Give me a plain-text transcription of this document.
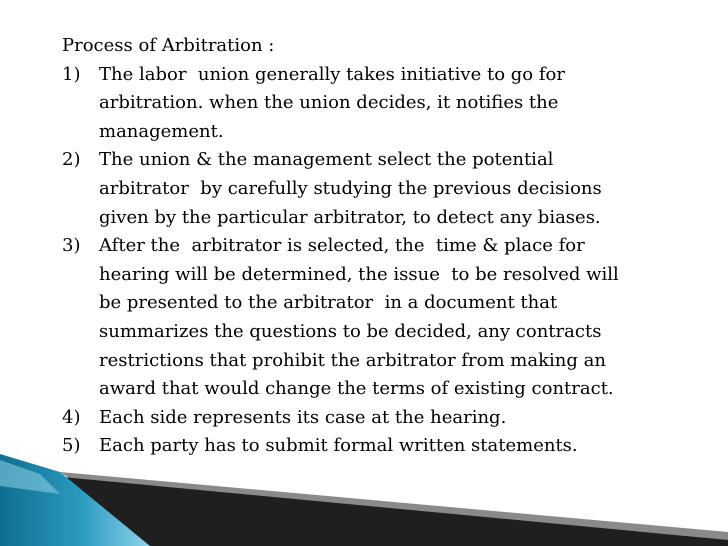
Process of Arbitration :

1) The labor  union generally takes initiative to go for
arbitration. when the union decides, it notifies the
management.
2) The union & the management select the potential
arbitrator  by carefully studying the previous decisions
given by the particular arbitrator, to detect any biases.
3) After the  arbitrator is selected, the  time & place for
hearing will be determined, the issue  to be resolved will
be presented to the arbitrator  in a document that
summarizes the questions to be decided, any contracts
restrictions that prohibit the arbitrator from making an
award that would change the terms of existing contract.
4) Each side represents its case at the hearing.
5) Each party has to submit formal written statements.
